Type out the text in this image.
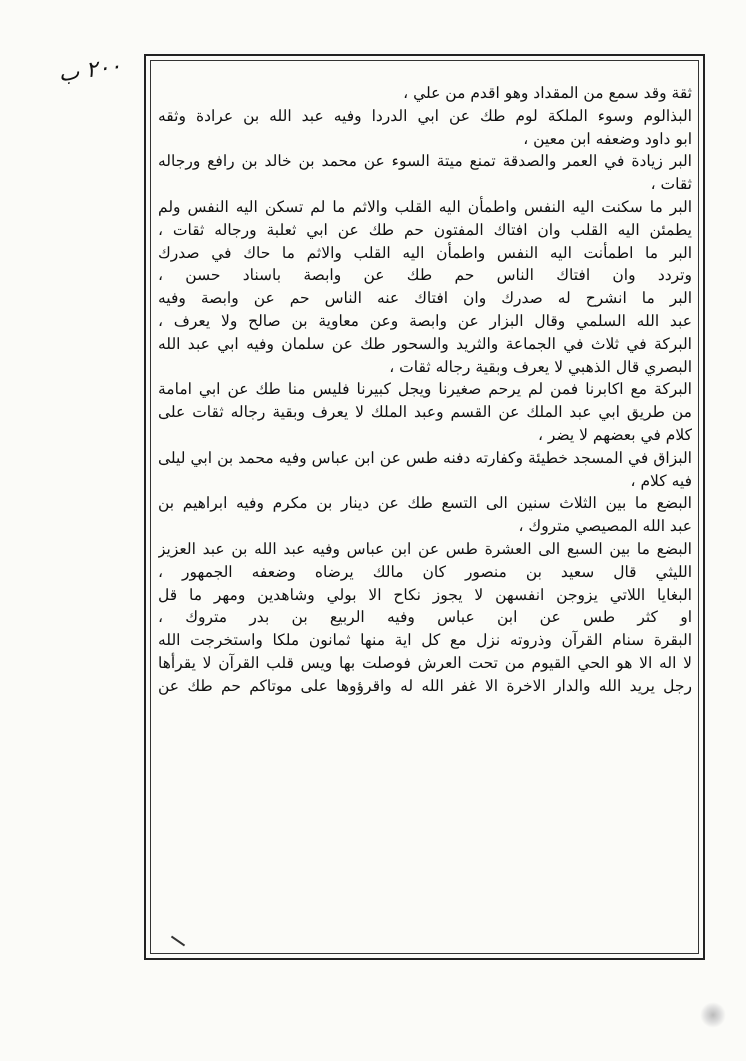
٢٠٠ ب
ثقة وقد سمع من المقداد وهو اقدم من علي ،
البذالوم وسوء الملكة لوم طك عن ابي الدردا وفيه عبد الله بن عرادة وثقه
ابو داود وضعفه ابن معين ،
البر زيادة في العمر والصدقة تمنع ميتة السوء عن محمد بن خالد بن رافع ورجاله
ثقات ،
البر ما سكنت اليه النفس واطمأن اليه القلب والاثم ما لم تسكن اليه النفس ولم
يطمئن اليه القلب وان افتاك المفتون حم طك عن ابي ثعلبة ورجاله ثقات ،
البر ما اطمأنت اليه النفس واطمأن اليه القلب والاثم ما حاك في صدرك
وتردد وان افتاك الناس حم طك عن وابصة باسناد حسن ،
البر ما انشرح له صدرك وان افتاك عنه الناس حم عن وابصة وفيه
عبد الله السلمي وقال البزار عن وابصة وعن معاوية بن صالح ولا يعرف ،
البركة في ثلاث في الجماعة والثريد والسحور طك عن سلمان وفيه ابي عبد الله
البصري قال الذهبي لا يعرف وبقية رجاله ثقات ،
البركة مع اكابرنا فمن لم يرحم صغيرنا ويجل كبيرنا فليس منا طك عن ابي امامة
من طريق ابي عبد الملك عن القسم وعبد الملك لا يعرف وبقية رجاله ثقات على
كلام في بعضهم لا يضر ،
البزاق في المسجد خطيئة وكفارته دفنه طس عن ابن عباس وفيه محمد بن ابي ليلى
فيه كلام ،
البضع ما بين الثلاث سنين الى التسع طك عن دينار بن مكرم وفيه ابراهيم بن
عبد الله المصيصي متروك ،
البضع ما بين السبع الى العشرة طس عن ابن عباس وفيه عبد الله بن عبد العزيز
الليثي قال سعيد بن منصور كان مالك يرضاه وضعفه الجمهور ،
البغايا اللاتي يزوجن انفسهن لا يجوز نكاح الا بولي وشاهدين ومهر ما قل
او كثر طس عن ابن عباس وفيه الربيع بن بدر متروك ،
البقرة سنام القرآن وذروته نزل مع كل اية منها ثمانون ملكا واستخرجت الله
لا اله الا هو الحي القيوم من تحت العرش فوصلت بها ويس قلب القرآن لا يقرأها
رجل يريد الله والدار الاخرة الا غفر الله له واقرؤوها على موتاكم حم طك عن
